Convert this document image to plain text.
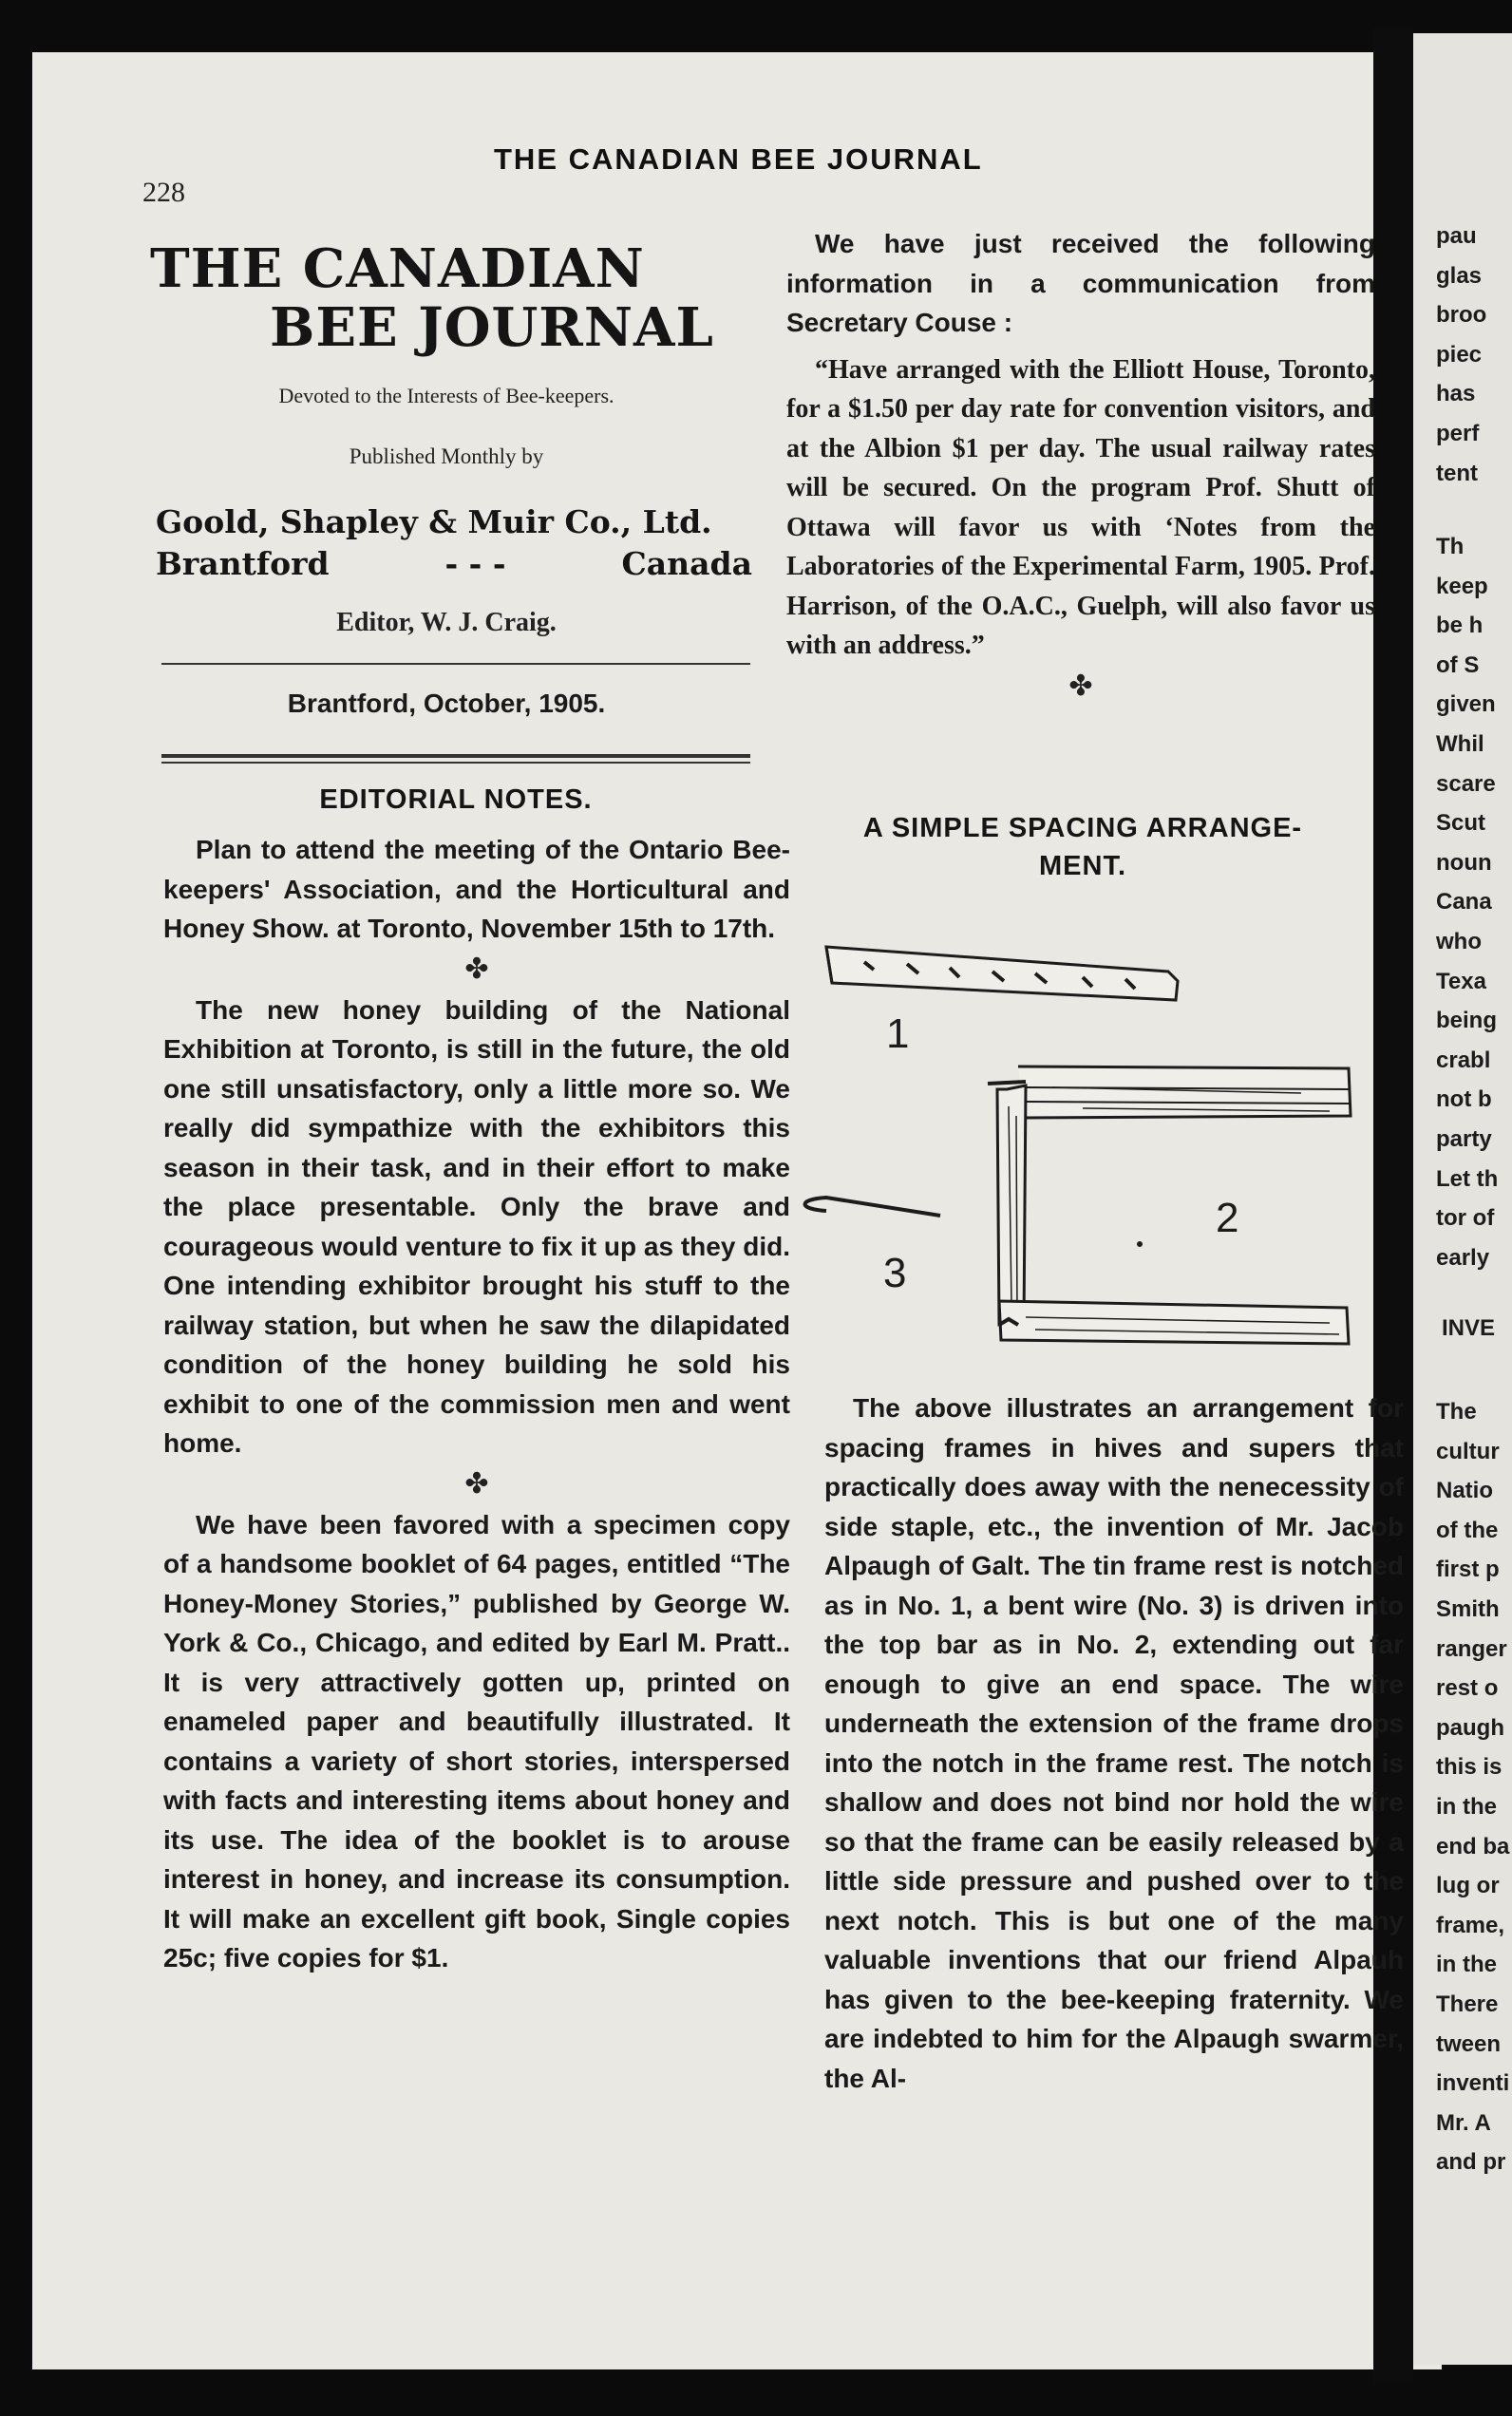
228
THE CANADIAN BEE JOURNAL
THE CANADIAN
BEE JOURNAL
Devoted to the Interests of Bee-keepers.
Published Monthly by
Goold, Shapley & Muir Co., Ltd.
Brantford	- - -	Canada
Editor, W. J. Craig.
Brantford, October, 1905.
EDITORIAL NOTES.

Plan to attend the meeting of the Ontario Bee-keepers' Association, and the Horticultural and Honey Show. at Toronto, November 15th to 17th.

✤

The new honey building of the National Exhibition at Toronto, is still in the future, the old one still unsatisfactory, only a little more so. We really did sympathize with the exhibitors this season in their task, and in their effort to make the place presentable. Only the brave and courageous would venture to fix it up as they did. One intending exhibitor brought his stuff to the railway station, but when he saw the dilapidated condition of the honey building he sold his exhibit to one of the commission men and went home.

✤

We have been favored with a specimen copy of a handsome booklet of 64 pages, entitled “The Honey-Money Stories,” published by George W. York & Co., Chicago, and edited by Earl M. Pratt.. It is very attractively gotten up, printed on enameled paper and beautifully illustrated. It contains a variety of short stories, interspersed with facts and interesting items about honey and its use. The idea of the booklet is to arouse interest in honey, and increase its consumption. It will make an excellent gift book, Single copies 25c; five copies for $1.

We have just received the following information in a communication from Secretary Couse :

“Have arranged with the Elliott House, Toronto, for a $1.50 per day rate for convention visitors, and at the Albion $1 per day. The usual railway rates will be secured. On the program Prof. Shutt of Ottawa will favor us with ‘Notes from the Laboratories of the Experimental Farm, 1905. Prof. Harrison, of the O.A.C., Guelph, will also favor us with an address.”

✤
A SIMPLE SPACING ARRANGE-
MENT.
1
2
3

The above illustrates an arrangement for spacing frames in hives and supers that practically does away with the nenecessity of side staple, etc., the invention of Mr. Jacob Alpaugh of Galt. The tin frame rest is notched as in No. 1, a bent wire (No. 3) is driven into the top bar as in No. 2, extending out far enough to give an end space. The wire underneath the extension of the frame drops into the notch in the frame rest. The notch is shallow and does not bind nor hold the wire so that the frame can be easily released by a little side pressure and pushed over to the next notch. This is but one of the many valuable inventions that our friend Alpauh has given to the bee-keeping fraternity. We are indebted to him for the Alpaugh swarmer, the Al-

pau
glas
broo
piec
has
perf
tent
Th
keep
be h
of S
given
Whil
scare
Scut
noun
Cana
who
Texa
being
crabl
not b
party
Let th
tor of
early
INVE
The
cultur
Natio
of the
first p
Smith
ranger
rest o
paugh
this is
in the
end ba
lug or
frame,
in the
There
tween
inventi
Mr. A
and pr
